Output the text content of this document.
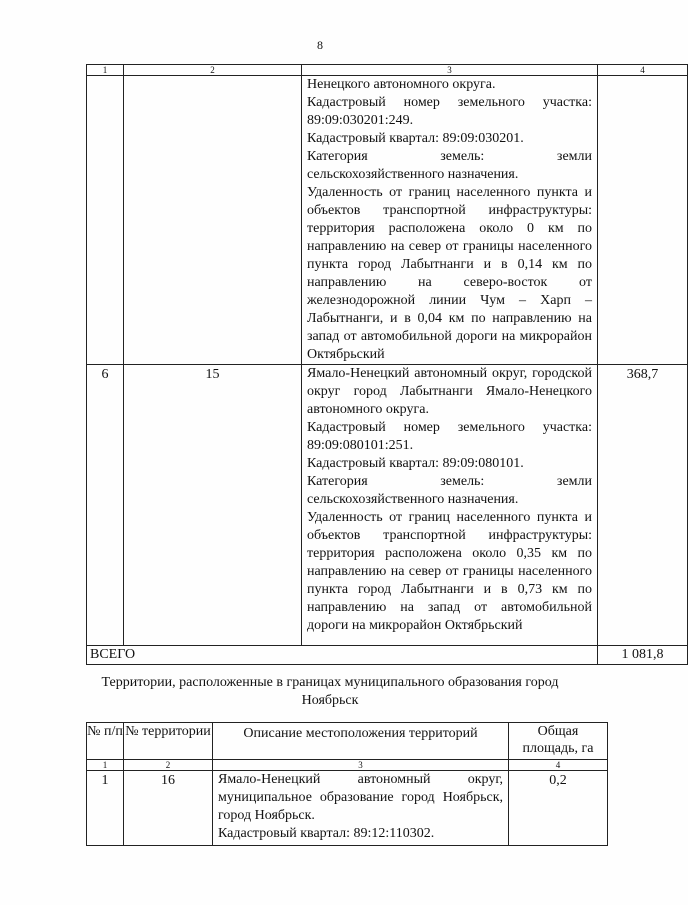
8
1	2	3	4

		Ненецкого автономного округа.
Кадастровый номер земельного участка: 89:09:030201:249.
Кадастровый квартал: 89:09:030201.
Категория земель: земли сельскохозяйственного назначения.
Удаленность от границ населенного пункта и объектов транспортной инфраструктуры: территория расположена около 0 км по направлению на север от границы населенного пункта город Лабытнанги и в 0,14 км по направлению на северо-восток от железнодорожной линии Чум – Харп – Лабытнанги, и в 0,04 км по направлению на запад от автомобильной дороги на микрорайон Октябрьский	

6	15	Ямало-Ненецкий автономный округ, городской округ город Лабытнанги Ямало-Ненецкого автономного округа.
Кадастровый номер земельного участка: 89:09:080101:251.
Кадастровый квартал: 89:09:080101.
Категория земель: земли сельскохозяйственного назначения.
Удаленность от границ населенного пункта и объектов транспортной инфраструктуры: территория расположена около 0,35 км по направлению на север от границы населенного пункта город Лабытнанги и в 0,73 км по направлению на запад от автомобильной дороги на микрорайон Октябрьский	368,7
ВСЕГО			1 081,8
Территории, расположенные в границах муниципального образования город Ноябрьск
№ п/п	№ территории	Описание местоположения территорий	Общая площадь, га
1	2	3	4
1	16	Ямало-Ненецкий автономный округ, муниципальное образование город Ноябрьск, город Ноябрьск.
Кадастровый квартал: 89:12:110302.	0,2
